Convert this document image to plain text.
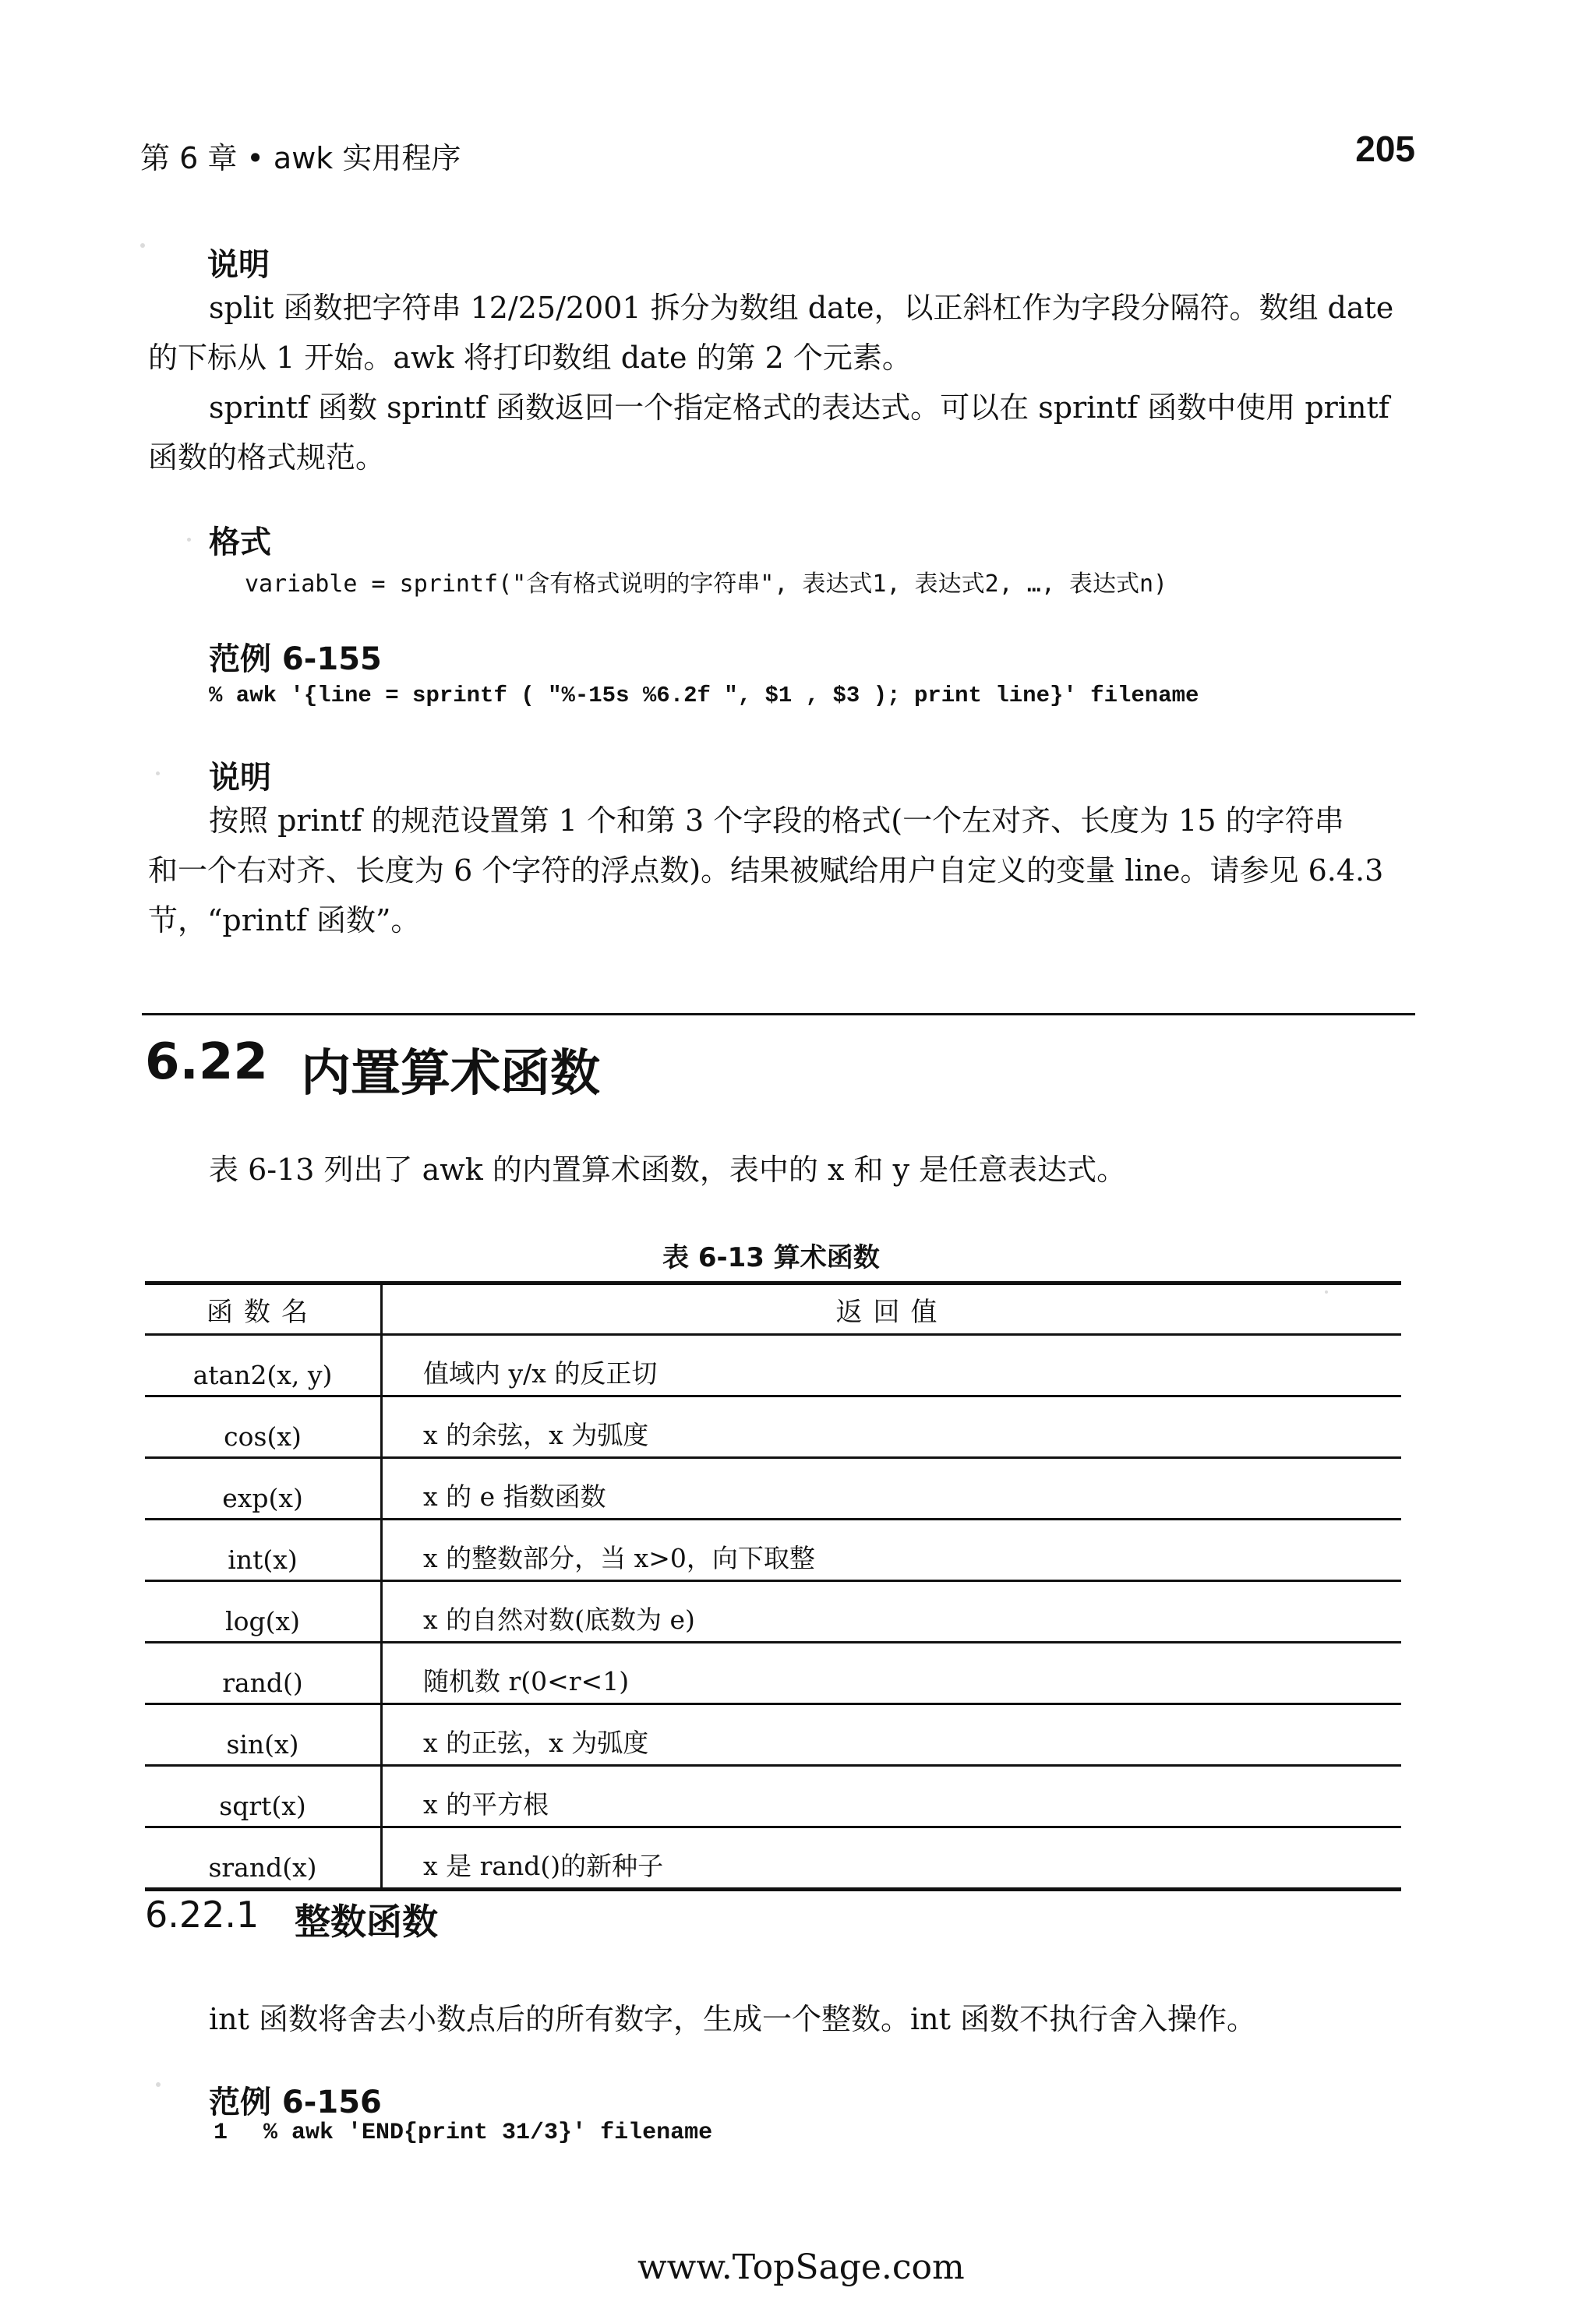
第 6 章 • awk 实用程序	205
说明
split 函数把字符串 12/25/2001 拆分为数组 date，以正斜杠作为字段分隔符。数组 date
的下标从 1 开始。awk 将打印数组 date 的第 2 个元素。
sprintf 函数 sprintf 函数返回一个指定格式的表达式。可以在 sprintf 函数中使用 printf
函数的格式规范。
格式
variable = sprintf("含有格式说明的字符串", 表达式1, 表达式2, …, 表达式n)
范例 6-155
% awk '{line = sprintf ( "%-15s %6.2f ", $1 , $3 ); print line}' filename
说明
按照 printf 的规范设置第 1 个和第 3 个字段的格式(一个左对齐、长度为 15 的字符串
和一个右对齐、长度为 6 个字符的浮点数)。结果被赋给用户自定义的变量 line。请参见 6.4.3
节，“printf 函数”。
6.22 内置算术函数
表 6-13 列出了 awk 的内置算术函数，表中的 x 和 y 是任意表达式。
表 6-13 算术函数
函数名	返回值
atan2(x, y)	值域内 y/x 的反正切
cos(x)	x 的余弦，x 为弧度
exp(x)	x 的 e 指数函数
int(x)	x 的整数部分，当 x>0，向下取整
log(x)	x 的自然对数(底数为 e)
rand()	随机数 r(0<r<1)
sin(x)	x 的正弦，x 为弧度
sqrt(x)	x 的平方根
srand(x)	x 是 rand()的新种子
6.22.1 整数函数
int 函数将舍去小数点后的所有数字，生成一个整数。int 函数不执行舍入操作。
范例 6-156
1 % awk 'END{print 31/3}' filename
www.TopSage.com
